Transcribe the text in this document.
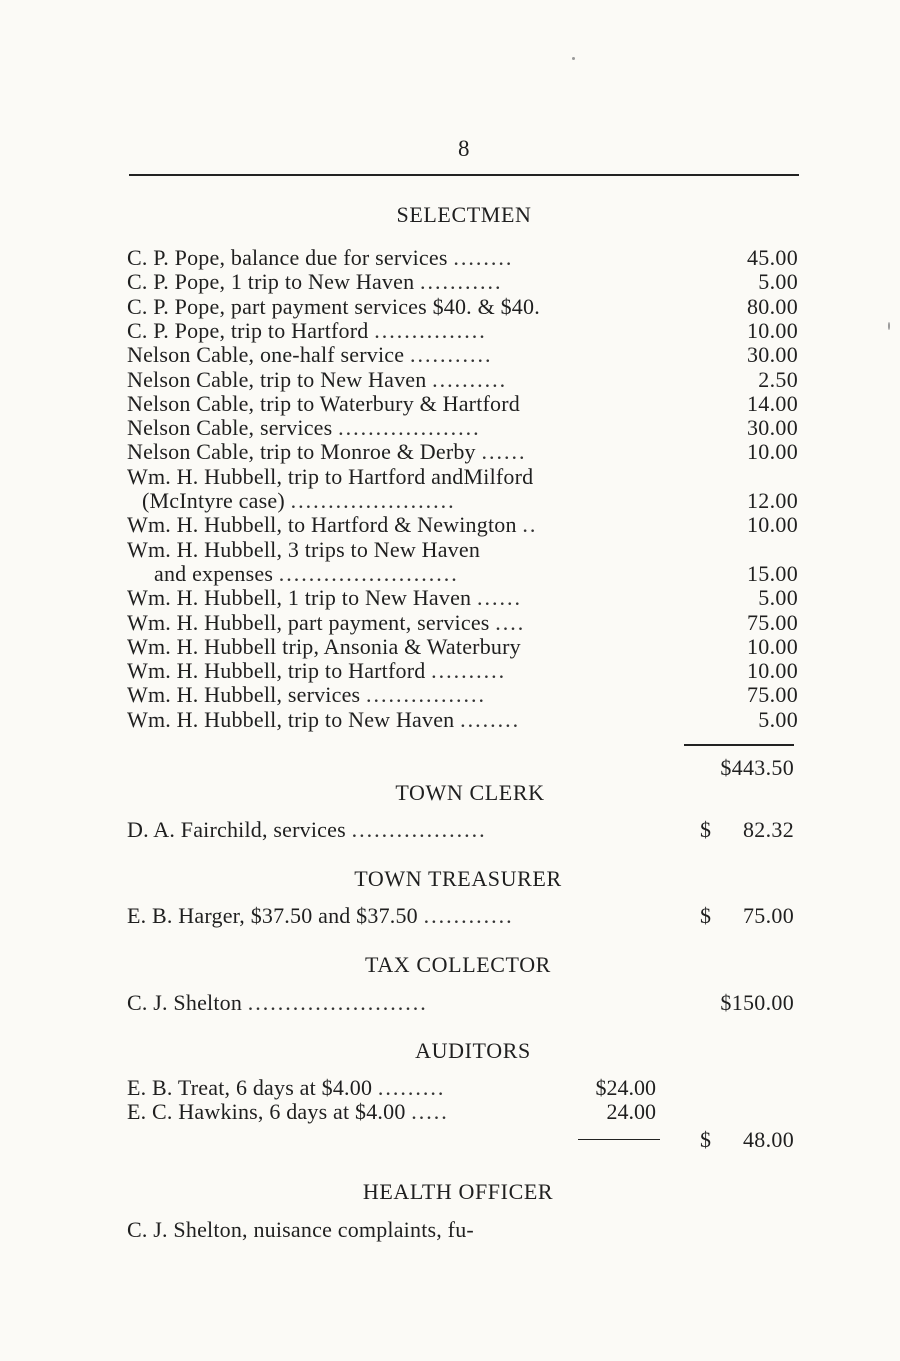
8
SELECTMEN
C. P. Pope, balance due for services ........	45.00
C. P. Pope, 1 trip to New Haven ...........	5.00
C. P. Pope, part payment services $40. & $40.	80.00
C. P. Pope, trip to Hartford ...............	10.00
Nelson Cable, one-half service ...........	30.00
Nelson Cable, trip to New Haven ..........	2.50
Nelson Cable, trip to Waterbury & Hartford	14.00
Nelson Cable, services ...................	30.00
Nelson Cable, trip to Monroe & Derby ......	10.00
Wm. H. Hubbell, trip to Hartford andMilford
(McIntyre case) ......................	12.00
Wm. H. Hubbell, to Hartford & Newington ..	10.00
Wm. H. Hubbell, 3 trips to New Haven
and expenses ........................	15.00
Wm. H. Hubbell, 1 trip to New Haven ......	5.00
Wm. H. Hubbell, part payment, services ....	75.00
Wm. H. Hubbell trip, Ansonia & Waterbury	10.00
Wm. H. Hubbell, trip to Hartford ..........	10.00
Wm. H. Hubbell, services ................	75.00
Wm. H. Hubbell, trip to New Haven ........	5.00
$443.50
TOWN CLERK
D. A. Fairchild, services ..................	$ 82.32
TOWN TREASURER
E. B. Harger, $37.50 and $37.50 ............	$ 75.00
TAX COLLECTOR
C. J. Shelton ........................	$150.00
AUDITORS
E. B. Treat, 6 days at $4.00 .........	$24.00
E. C. Hawkins, 6 days at $4.00 .....	24.00
$ 48.00
HEALTH OFFICER
C. J. Shelton, nuisance complaints, fu-
